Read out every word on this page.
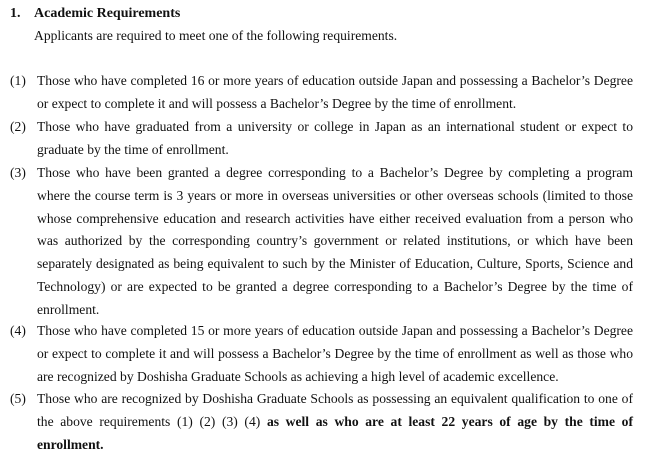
1. Academic Requirements
Applicants are required to meet one of the following requirements.
(1) Those who have completed 16 or more years of education outside Japan and possessing a Bachelor’s Degree or expect to complete it and will possess a Bachelor’s Degree by the time of enrollment.
(2) Those who have graduated from a university or college in Japan as an international student or expect to graduate by the time of enrollment.
(3) Those who have been granted a degree corresponding to a Bachelor’s Degree by completing a program where the course term is 3 years or more in overseas universities or other overseas schools (limited to those whose comprehensive education and research activities have either received evaluation from a person who was authorized by the corresponding country’s government or related institutions, or which have been separately designated as being equivalent to such by the Minister of Education, Culture, Sports, Science and Technology) or are expected to be granted a degree corresponding to a Bachelor’s Degree by the time of enrollment.
(4) Those who have completed 15 or more years of education outside Japan and possessing a Bachelor’s Degree or expect to complete it and will possess a Bachelor’s Degree by the time of enrollment as well as those who are recognized by Doshisha Graduate Schools as achieving a high level of academic excellence.
(5) Those who are recognized by Doshisha Graduate Schools as possessing an equivalent qualification to one of the above requirements (1) (2) (3) (4) as well as who are at least 22 years of age by the time of enrollment.
